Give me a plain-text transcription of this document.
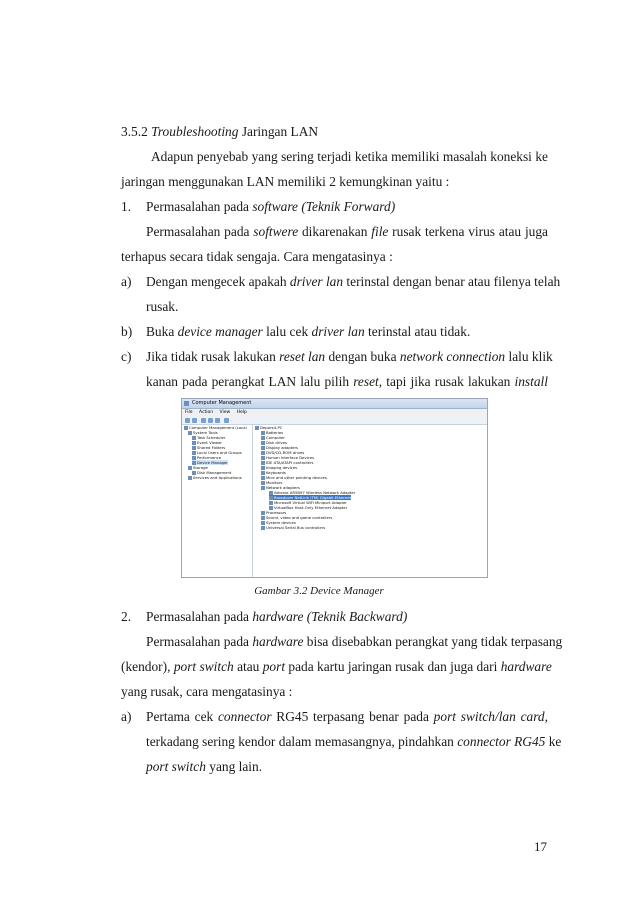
3.5.2 Troubleshooting Jaringan LAN
Adapun penyebab yang sering terjadi ketika memiliki masalah koneksi ke
jaringan menggunakan LAN memiliki 2 kemungkinan yaitu :
1. Permasalahan pada software (Teknik Forward)
Permasalahan pada softwere dikarenakan file rusak terkena virus atau juga
terhapus secara tidak sengaja. Cara mengatasinya :
a) Dengan mengecek apakah driver lan terinstal dengan benar atau filenya telah
rusak.
b) Buka device manager lalu cek driver lan terinstal atau tidak.
c) Jika tidak rusak lakukan reset lan dengan buka network connection lalu klik
kanan pada perangkat LAN lalu pilih reset, tapi jika rusak lakukan install
Computer Management
File Action View Help
Computer Management (Local
System Tools
Task Scheduler
Event Viewer
Shared Folders
Local Users and Groups
Performance
Device Manager
Storage
Disk Management
Services and Applications
Deparsit-PC
Batteries
Computer
Disk drives
Display adapters
DVD/CD-ROM drives
Human Interface Devices
IDE ATA/ATAPI controllers
Imaging devices
Keyboards
Mice and other pointing devices
Monitors
Network adapters
Atheros AR5B97 Wireless Network Adapter
Broadcom NetLink (TM) Gigabit Ethernet
Microsoft Virtual WiFi Miniport Adapter
VirtualBox Host-Only Ethernet Adapter
Processors
Sound, video and game controllers
System devices
Universal Serial Bus controllers
Gambar 3.2 Device Manager
2. Permasalahan pada hardware (Teknik Backward)
Permasalahan pada hardware bisa disebabkan perangkat yang tidak terpasang
(kendor), port switch atau port pada kartu jaringan rusak dan juga dari hardware
yang rusak, cara mengatasinya :
a) Pertama cek connector RG45 terpasang benar pada port switch/lan card,
terkadang sering kendor dalam memasangnya, pindahkan connector RG45 ke
port switch yang lain.
17
